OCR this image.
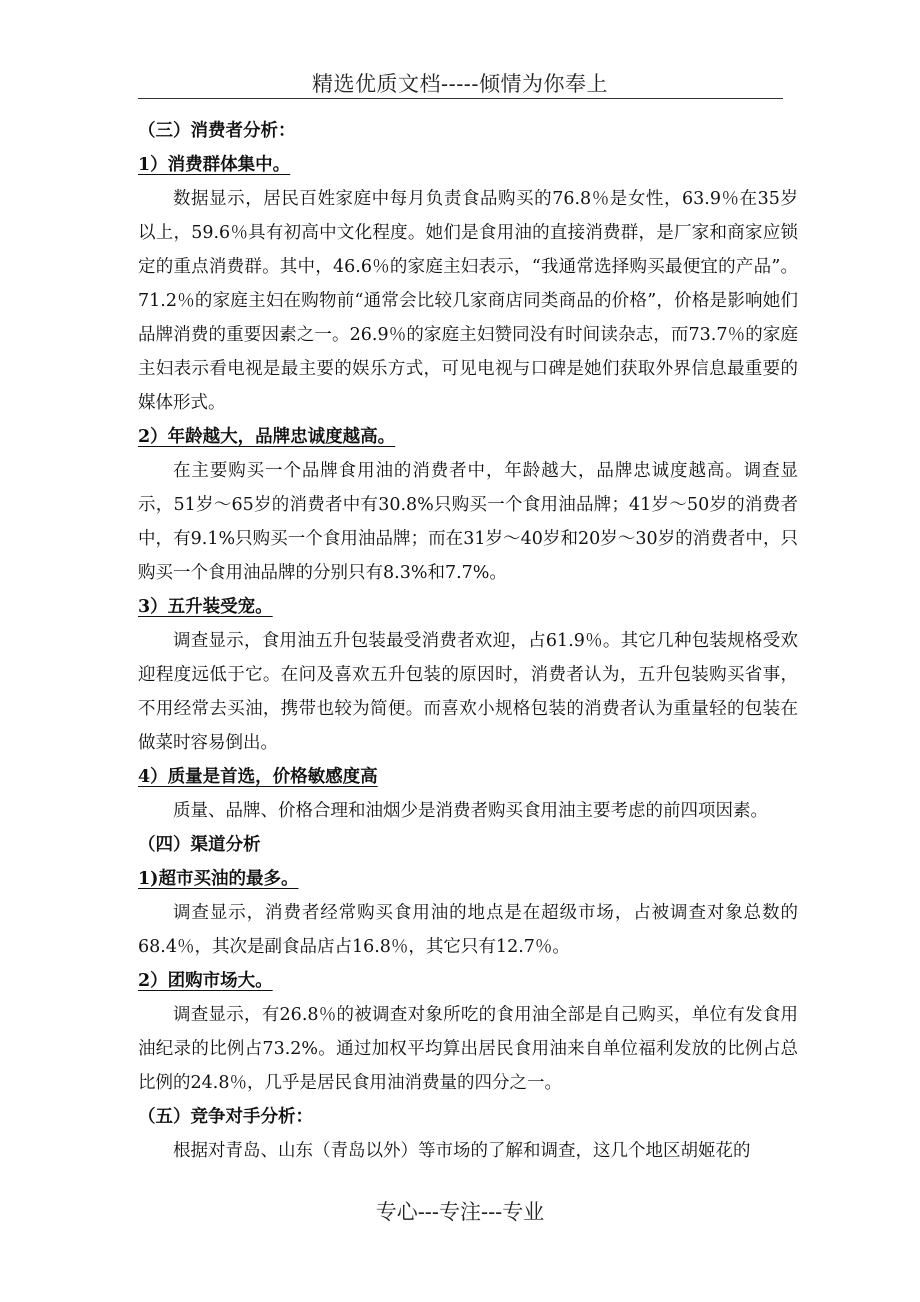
精选优质文档-----倾情为你奉上
（三）消费者分析：
1）消费群体集中。

数据显示，居民百姓家庭中每月负责食品购买的76.8％是女性，63.9％在35岁以上，59.6％具有初高中文化程度。她们是食用油的直接消费群，是厂家和商家应锁定的重点消费群。其中，46.6％的家庭主妇表示，“我通常选择购买最便宜的产品”。71.2％的家庭主妇在购物前“通常会比较几家商店同类商品的价格”，价格是影响她们品牌消费的重要因素之一。26.9％的家庭主妇赞同没有时间读杂志，而73.7％的家庭主妇表示看电视是最主要的娱乐方式，可见电视与口碑是她们获取外界信息最重要的媒体形式。

2）年龄越大，品牌忠诚度越高。

在主要购买一个品牌食用油的消费者中，年龄越大，品牌忠诚度越高。调查显示，51岁～65岁的消费者中有30.8%只购买一个食用油品牌；41岁～50岁的消费者中，有9.1%只购买一个食用油品牌；而在31岁～40岁和20岁～30岁的消费者中，只购买一个食用油品牌的分别只有8.3%和7.7%。

3）五升装受宠。

调查显示，食用油五升包装最受消费者欢迎，占61.9％。其它几种包装规格受欢迎程度远低于它。在问及喜欢五升包装的原因时，消费者认为，五升包装购买省事，不用经常去买油，携带也较为简便。而喜欢小规格包装的消费者认为重量轻的包装在做菜时容易倒出。

4）质量是首选，价格敏感度高

质量、品牌、价格合理和油烟少是消费者购买食用油主要考虑的前四项因素。

（四）渠道分析
1)超市买油的最多。

调查显示，消费者经常购买食用油的地点是在超级市场，占被调查对象总数的68.4％，其次是副食品店占16.8％，其它只有12.7％。

2）团购市场大。

调查显示，有26.8％的被调查对象所吃的食用油全部是自己购买，单位有发食用油纪录的比例占73.2%。通过加权平均算出居民食用油来自单位福利发放的比例占总比例的24.8％，几乎是居民食用油消费量的四分之一。

（五）竞争对手分析：

根据对青岛、山东（青岛以外）等市场的了解和调查，这几个地区胡姬花的

专心---专注---专业
